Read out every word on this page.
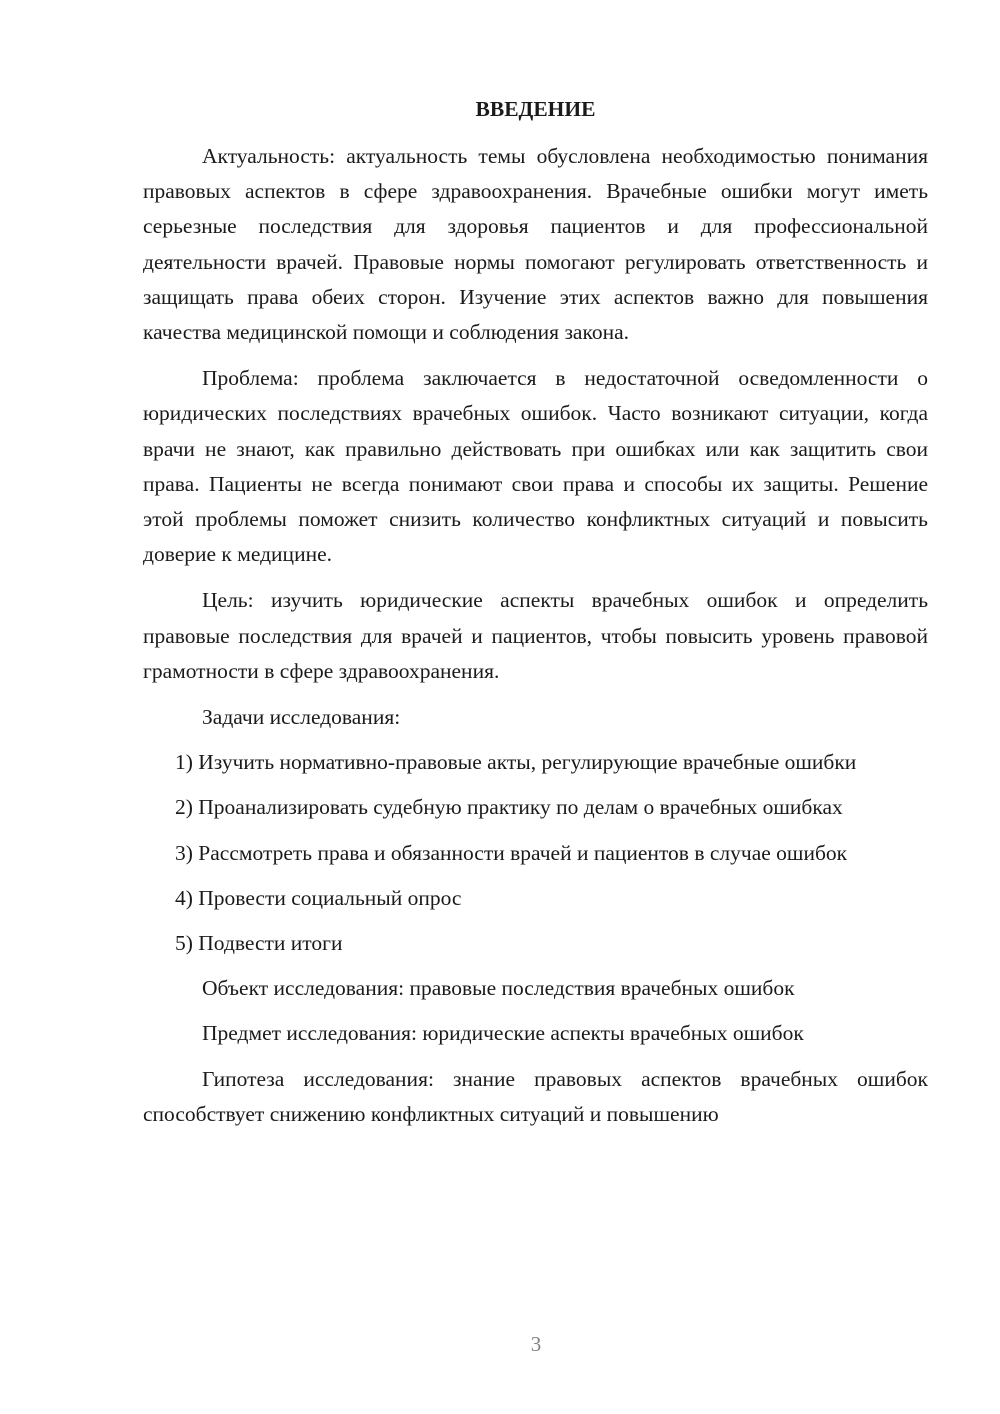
ВВЕДЕНИЕ

Актуальность: актуальность темы обусловлена необходимостью понимания правовых аспектов в сфере здравоохранения. Врачебные ошибки могут иметь серьезные последствия для здоровья пациентов и для профессиональной деятельности врачей. Правовые нормы помогают регулировать ответственность и защищать права обеих сторон. Изучение этих аспектов важно для повышения качества медицинской помощи и соблюдения закона.

Проблема: проблема заключается в недостаточной осведомленности о юридических последствиях врачебных ошибок. Часто возникают ситуации, когда врачи не знают, как правильно действовать при ошибках или как защитить свои права. Пациенты не всегда понимают свои права и способы их защиты. Решение этой проблемы поможет снизить количество конфликтных ситуаций и повысить доверие к медицине.

Цель: изучить юридические аспекты врачебных ошибок и определить правовые последствия для врачей и пациентов, чтобы повысить уровень правовой грамотности в сфере здравоохранения.

Задачи исследования:

1) Изучить нормативно-правовые акты, регулирующие врачебные ошибки

2) Проанализировать судебную практику по делам о врачебных ошибках

3) Рассмотреть права и обязанности врачей и пациентов в случае ошибок

4) Провести социальный опрос

5) Подвести итоги

Объект исследования: правовые последствия врачебных ошибок

Предмет исследования: юридические аспекты врачебных ошибок

Гипотеза исследования: знание правовых аспектов врачебных ошибок способствует снижению конфликтных ситуаций и повышению

3
